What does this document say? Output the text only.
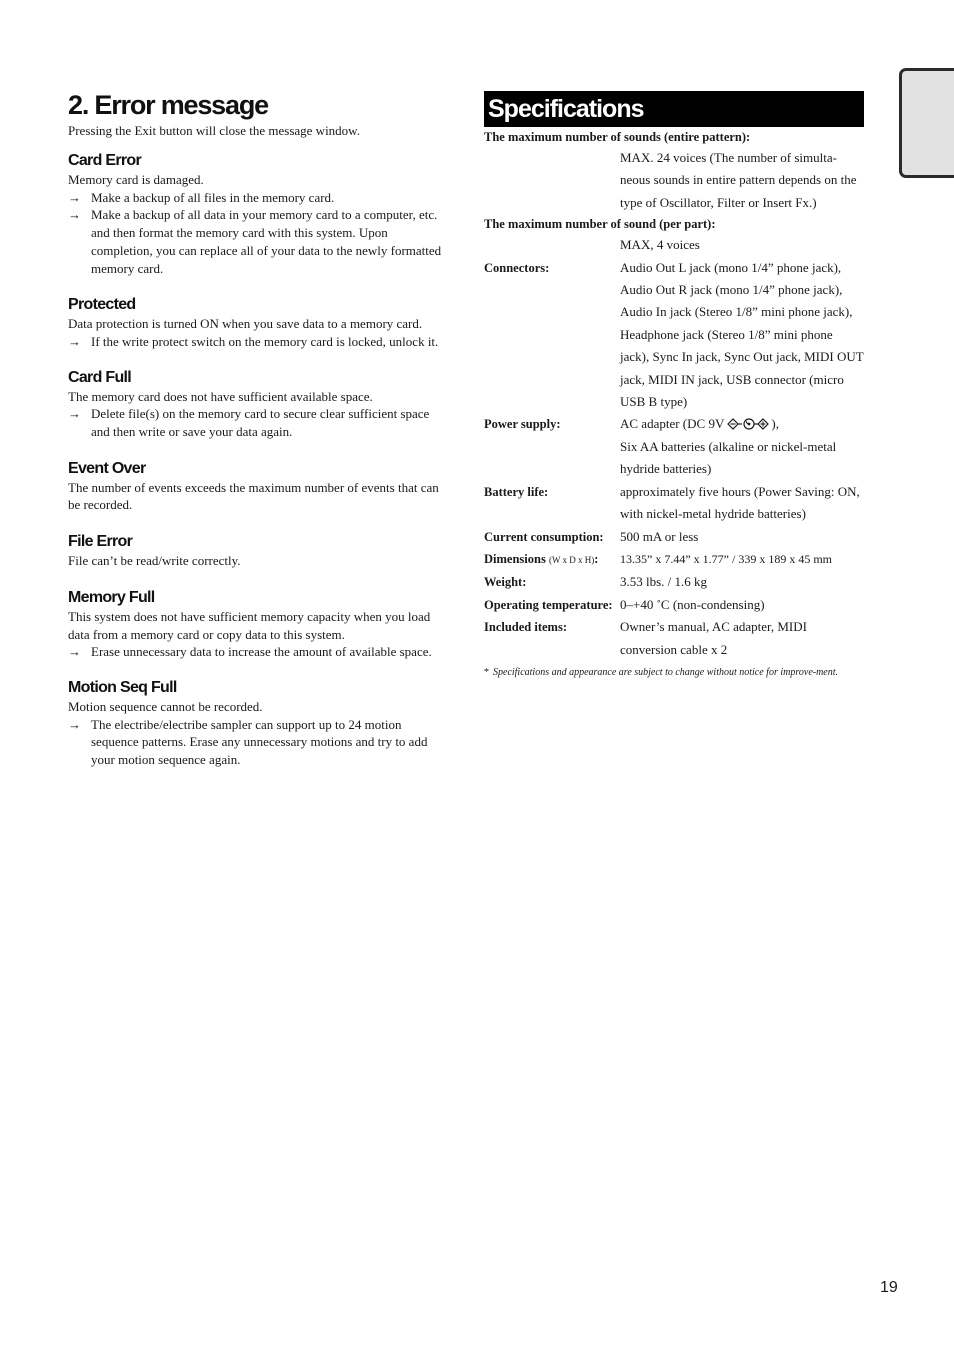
2. Error message

Pressing the Exit button will close the message window.

Card Error

Memory card is damaged.

→ Make a backup of all files in the memory card.
→ Make a backup of all data in your memory card to a computer, etc. and then format the memory card with this system. Upon completion, you can replace all of your data to the newly formatted memory card.
Protected

Data protection is turned ON when you save data to a memory card.

→ If the write protect switch on the memory card is locked, unlock it.
Card Full

The memory card does not have sufficient available space.

→ Delete file(s) on the memory card to secure clear sufficient space and then write or save your data again.
Event Over

The number of events exceeds the maximum number of events that can be recorded.

File Error

File can’t be read/write correctly.

Memory Full

This system does not have sufficient memory capacity when you load data from a memory card or copy data to this system.

→ Erase unnecessary data to increase the amount of available space.
Motion Seq Full

Motion sequence cannot be recorded.

→ The electribe/electribe sampler can support up to 24 motion sequence patterns. Erase any unnecessary motions and try to add your motion sequence again.
Specifications
The maximum number of sounds (entire pattern):
MAX. 24 voices (The number of simulta-neous sounds in entire pattern depends on the type of Oscillator, Filter or Insert Fx.)
The maximum number of sound (per part):
MAX, 4 voices
Connectors:	Audio Out L jack (mono 1/4” phone jack), Audio Out R jack (mono 1/4” phone jack), Audio In jack (Stereo 1/8” mini phone jack), Headphone jack (Stereo 1/8” mini phone jack), Sync In jack, Sync Out jack, MIDI OUT jack, MIDI IN jack, USB connector (micro USB B type)
Power supply:	AC adapter (DC 9V	),
Six AA batteries (alkaline or nickel-metal hydride batteries)
Battery life:	approximately five hours (Power Saving: ON, with nickel-metal hydride batteries)
Current consumption:	500 mA or less
Dimensions (W x D x H):	13.35” x 7.44” x 1.77” / 339 x 189 x 45 mm
Weight:	3.53 lbs. / 1.6 kg
Operating temperature: 0–+40 ˚C (non-condensing)
Included items:	Owner’s manual, AC adapter, MIDI conversion cable x 2
* Specifications and appearance are subject to change without notice for improve-ment.
19
